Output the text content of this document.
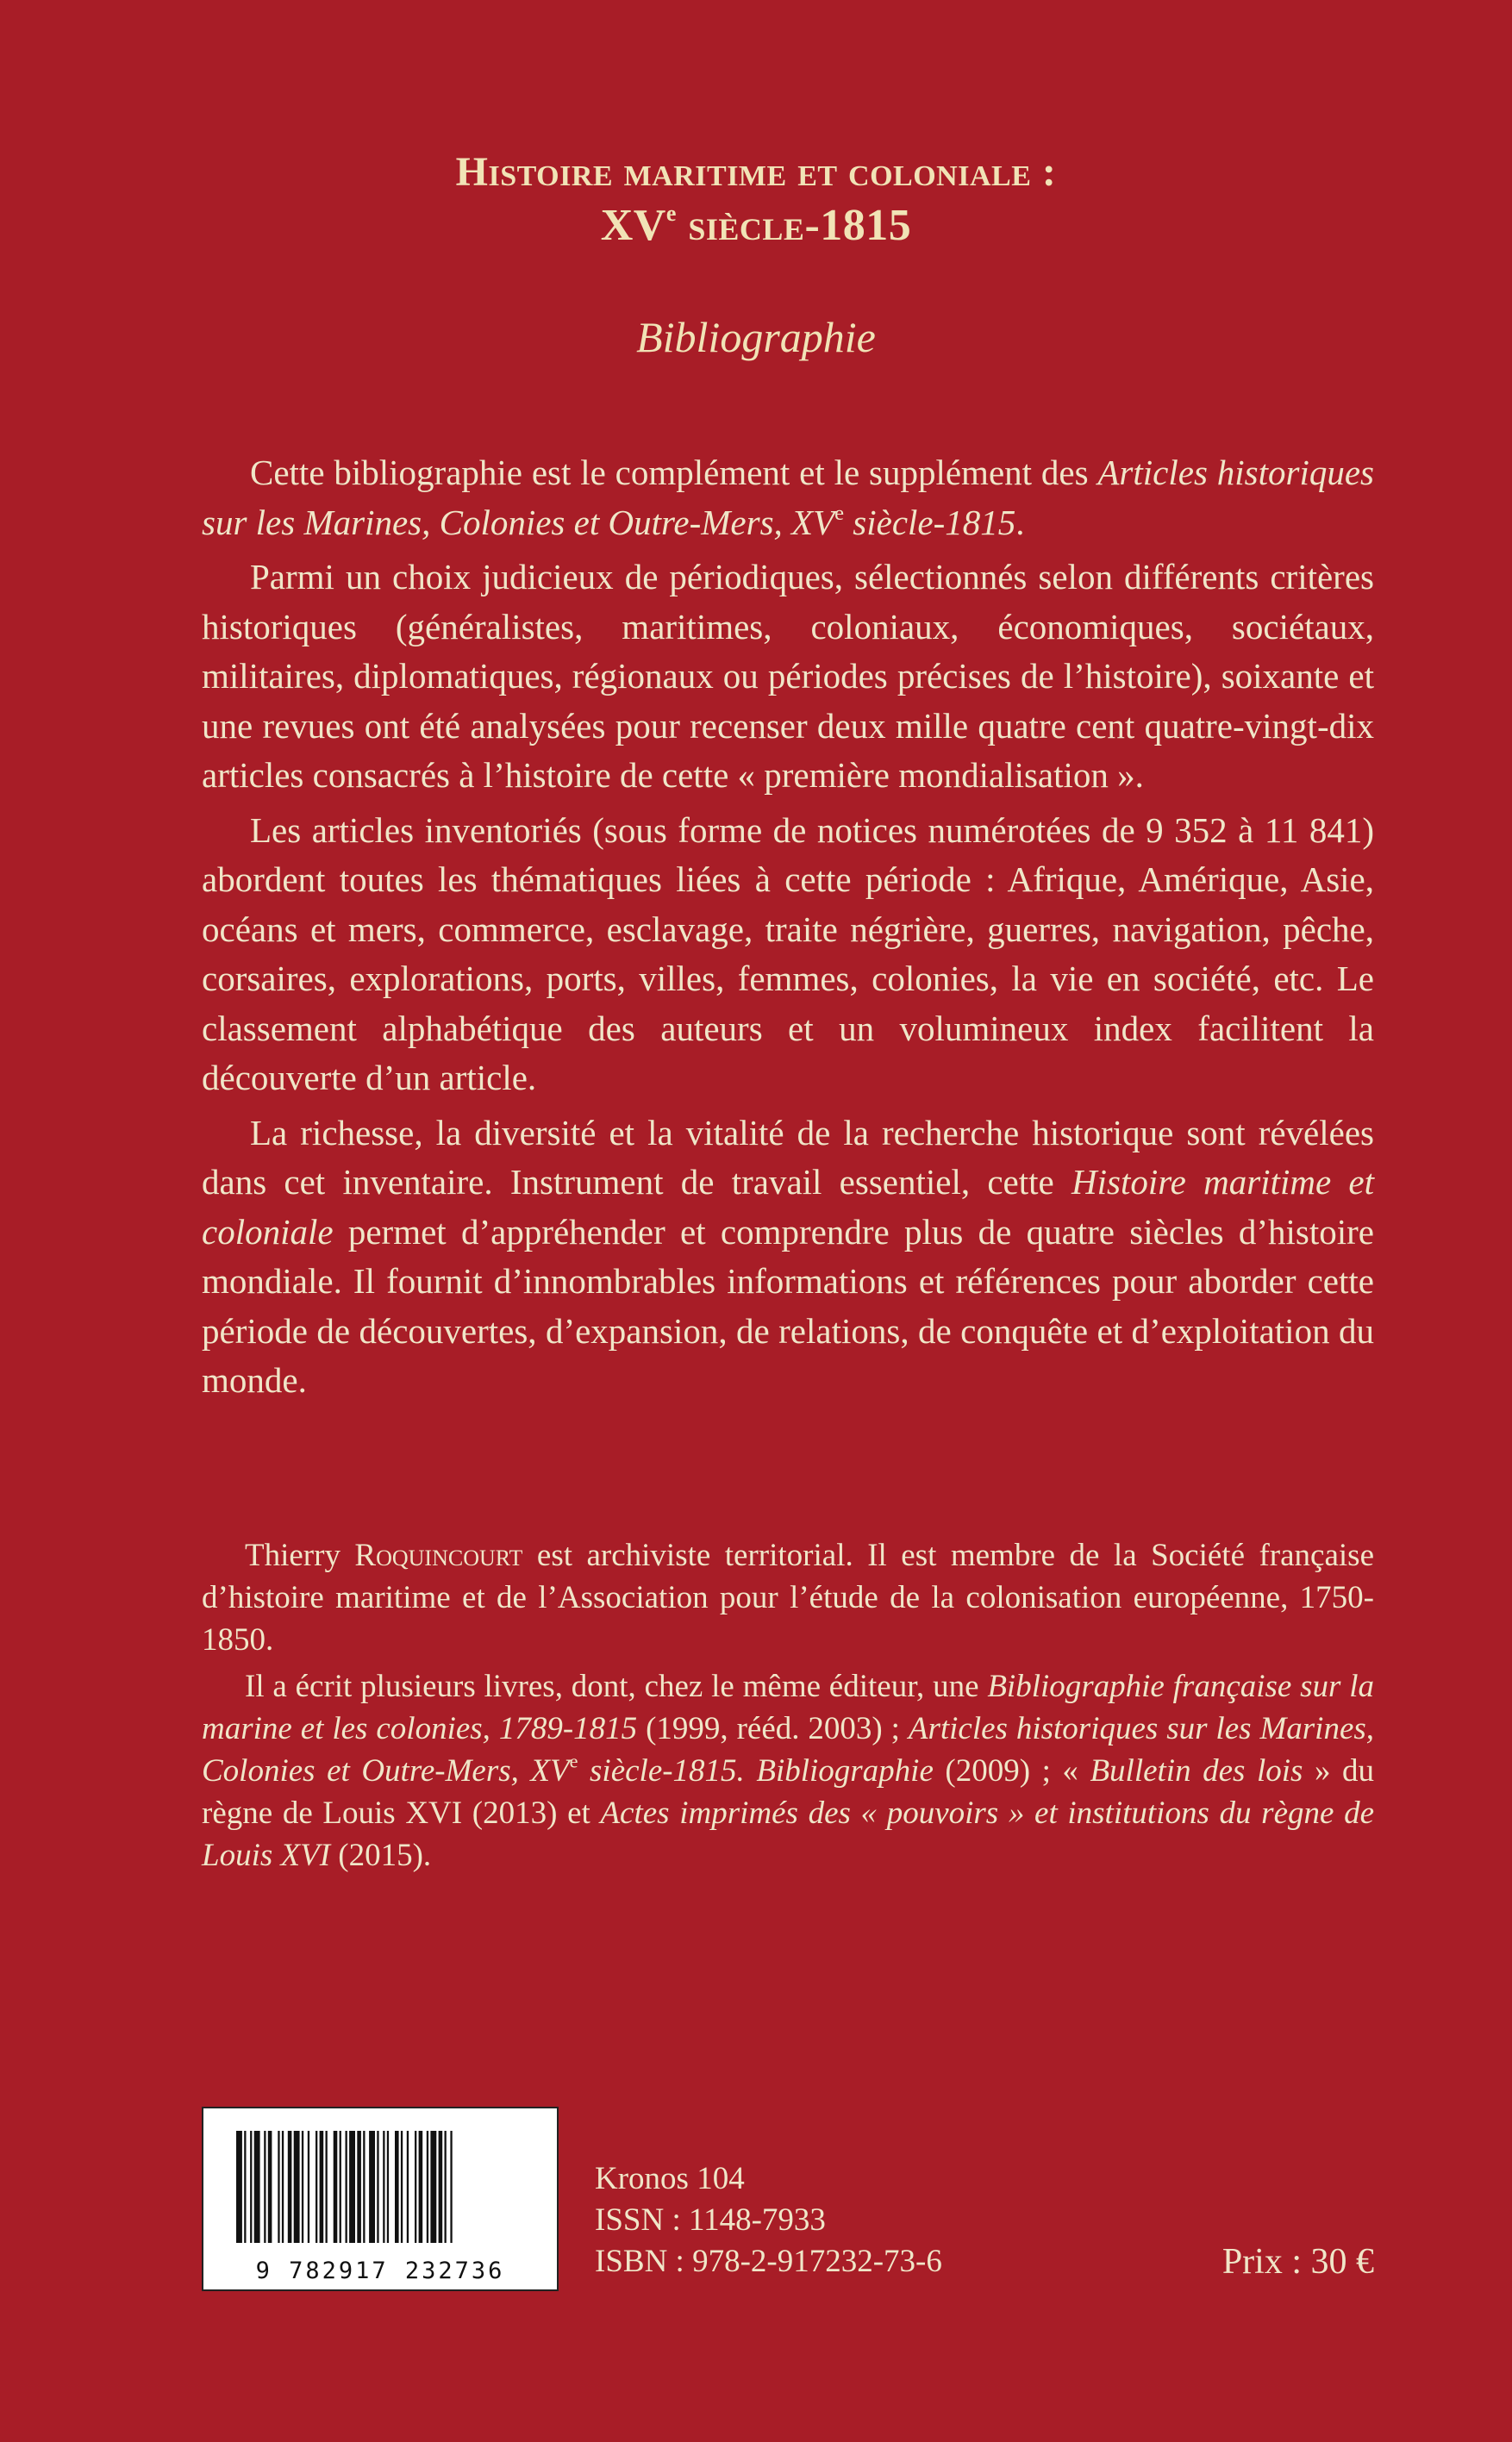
Histoire maritime et coloniale :
XVe siècle-1815
Bibliographie

Cette bibliographie est le complément et le supplément des Articles historiques sur les Marines, Colonies et Outre-Mers, XVe siècle-1815.

Parmi un choix judicieux de périodiques, sélectionnés selon différents critères historiques (généralistes, maritimes, coloniaux, économiques, sociétaux, militaires, diplomatiques, régionaux ou périodes précises de l’histoire), soixante et une revues ont été analysées pour recenser deux mille quatre cent quatre-vingt-dix articles consacrés à l’histoire de cette « première mondialisation ».

Les articles inventoriés (sous forme de notices numérotées de 9 352 à 11 841) abordent toutes les thématiques liées à cette période : Afrique, Amérique, Asie, océans et mers, commerce, esclavage, traite négrière, guerres, navigation, pêche, corsaires, explorations, ports, villes, femmes, colonies, la vie en société, etc. Le classement alphabétique des auteurs et un volumineux index facilitent la découverte d’un article.

La richesse, la diversité et la vitalité de la recherche historique sont révélées dans cet inventaire. Instrument de travail essentiel, cette Histoire maritime et coloniale permet d’appréhender et comprendre plus de quatre siècles d’histoire mondiale. Il fournit d’innombrables informations et références pour aborder cette période de découvertes, d’expansion, de relations, de conquête et d’exploitation du monde.

Thierry Roquincourt est archiviste territorial. Il est membre de la Société française d’histoire maritime et de l’Association pour l’étude de la colonisation européenne, 1750-1850.

Il a écrit plusieurs livres, dont, chez le même éditeur, une Bibliographie française sur la marine et les colonies, 1789-1815 (1999, rééd. 2003) ; Articles historiques sur les Marines, Colonies et Outre-Mers, XVe siècle-1815. Bibliographie (2009) ; « Bulletin des lois » du règne de Louis XVI (2013) et Actes imprimés des « pouvoirs » et institutions du règne de Louis XVI (2015).

9 782917 232736
Kronos 104
ISSN : 1148-7933
ISBN : 978-2-917232-73-6	Prix : 30 €
